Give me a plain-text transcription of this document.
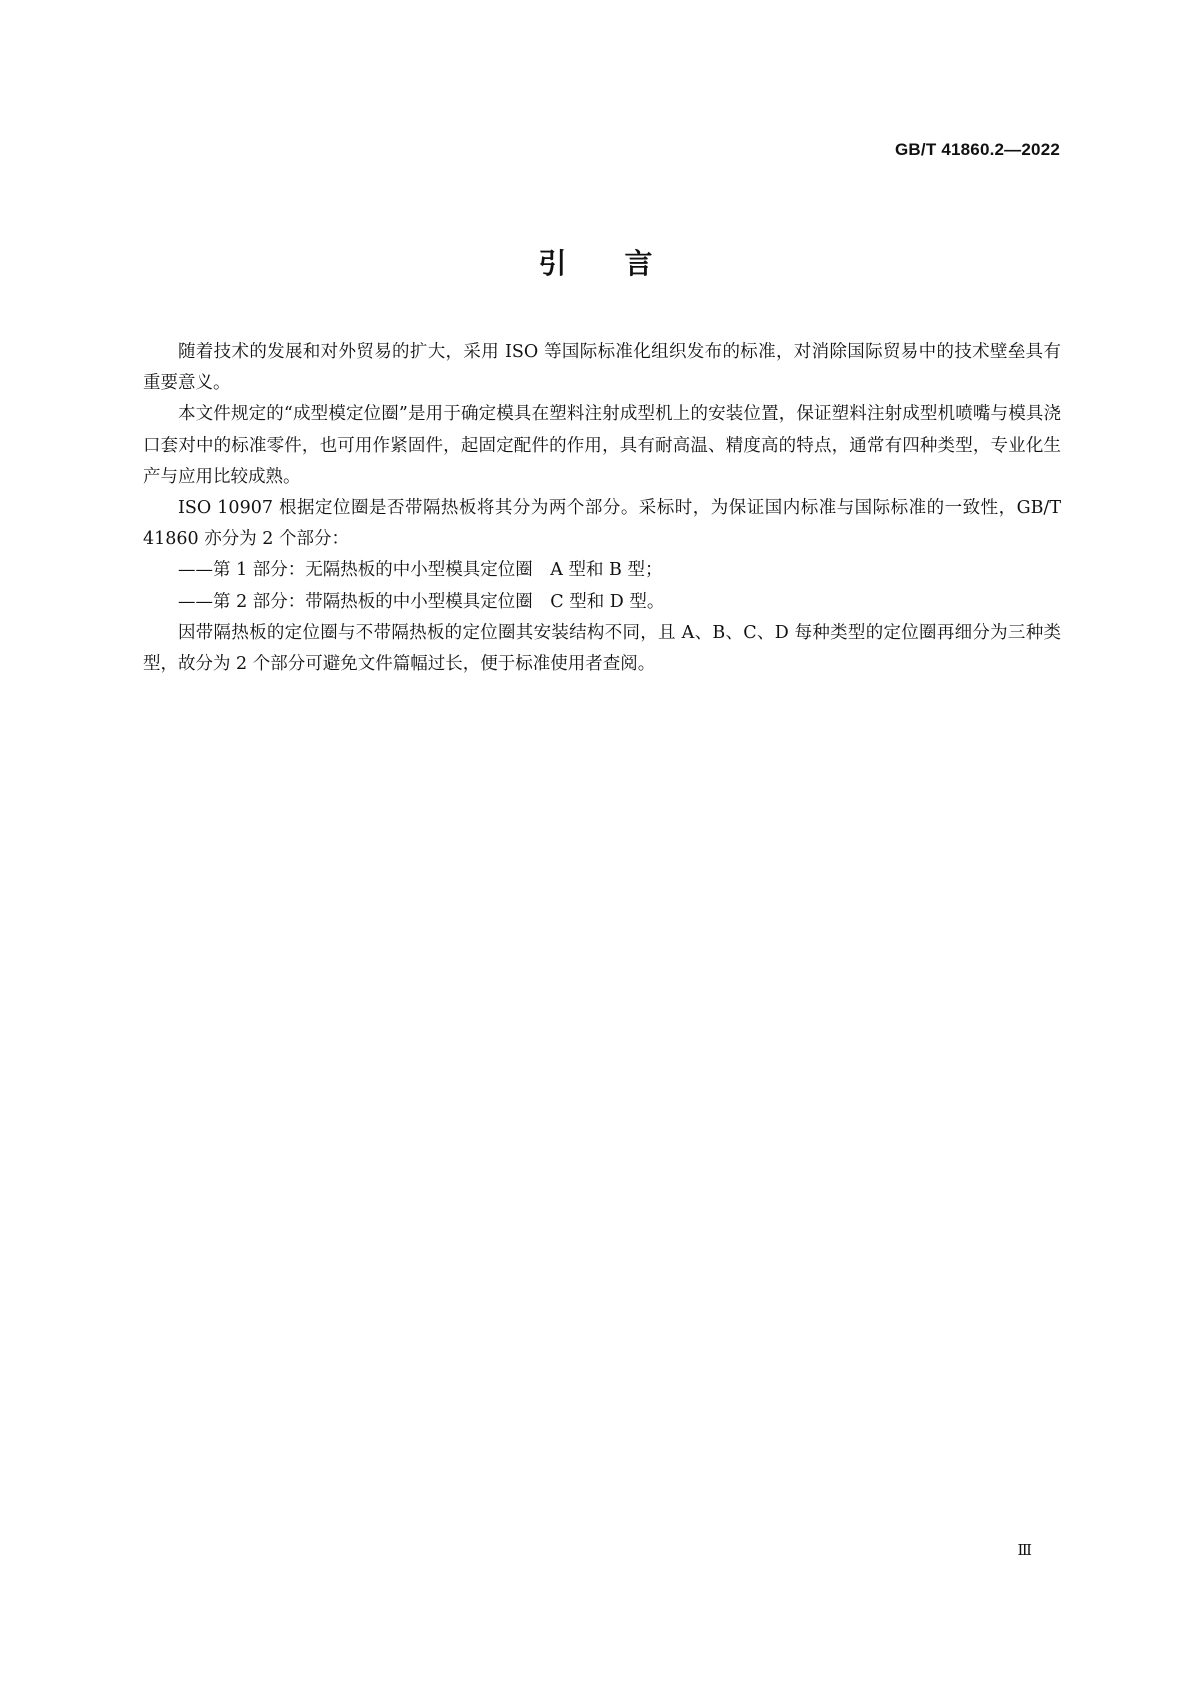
GB/T 41860.2—2022
引言

随着技术的发展和对外贸易的扩大，采用 ISO 等国际标准化组织发布的标准，对消除国际贸易中的技术壁垒具有重要意义。

本文件规定的“成型模定位圈”是用于确定模具在塑料注射成型机上的安装位置，保证塑料注射成型机喷嘴与模具浇口套对中的标准零件，也可用作紧固件，起固定配件的作用，具有耐高温、精度高的特点，通常有四种类型，专业化生产与应用比较成熟。

ISO 10907 根据定位圈是否带隔热板将其分为两个部分。采标时，为保证国内标准与国际标准的一致性，GB/T 41860 亦分为 2 个部分：

——第 1 部分：无隔热板的中小型模具定位圈　A 型和 B 型；

——第 2 部分：带隔热板的中小型模具定位圈　C 型和 D 型。

因带隔热板的定位圈与不带隔热板的定位圈其安装结构不同，且 A、B、C、D 每种类型的定位圈再细分为三种类型，故分为 2 个部分可避免文件篇幅过长，便于标准使用者查阅。

Ⅲ
